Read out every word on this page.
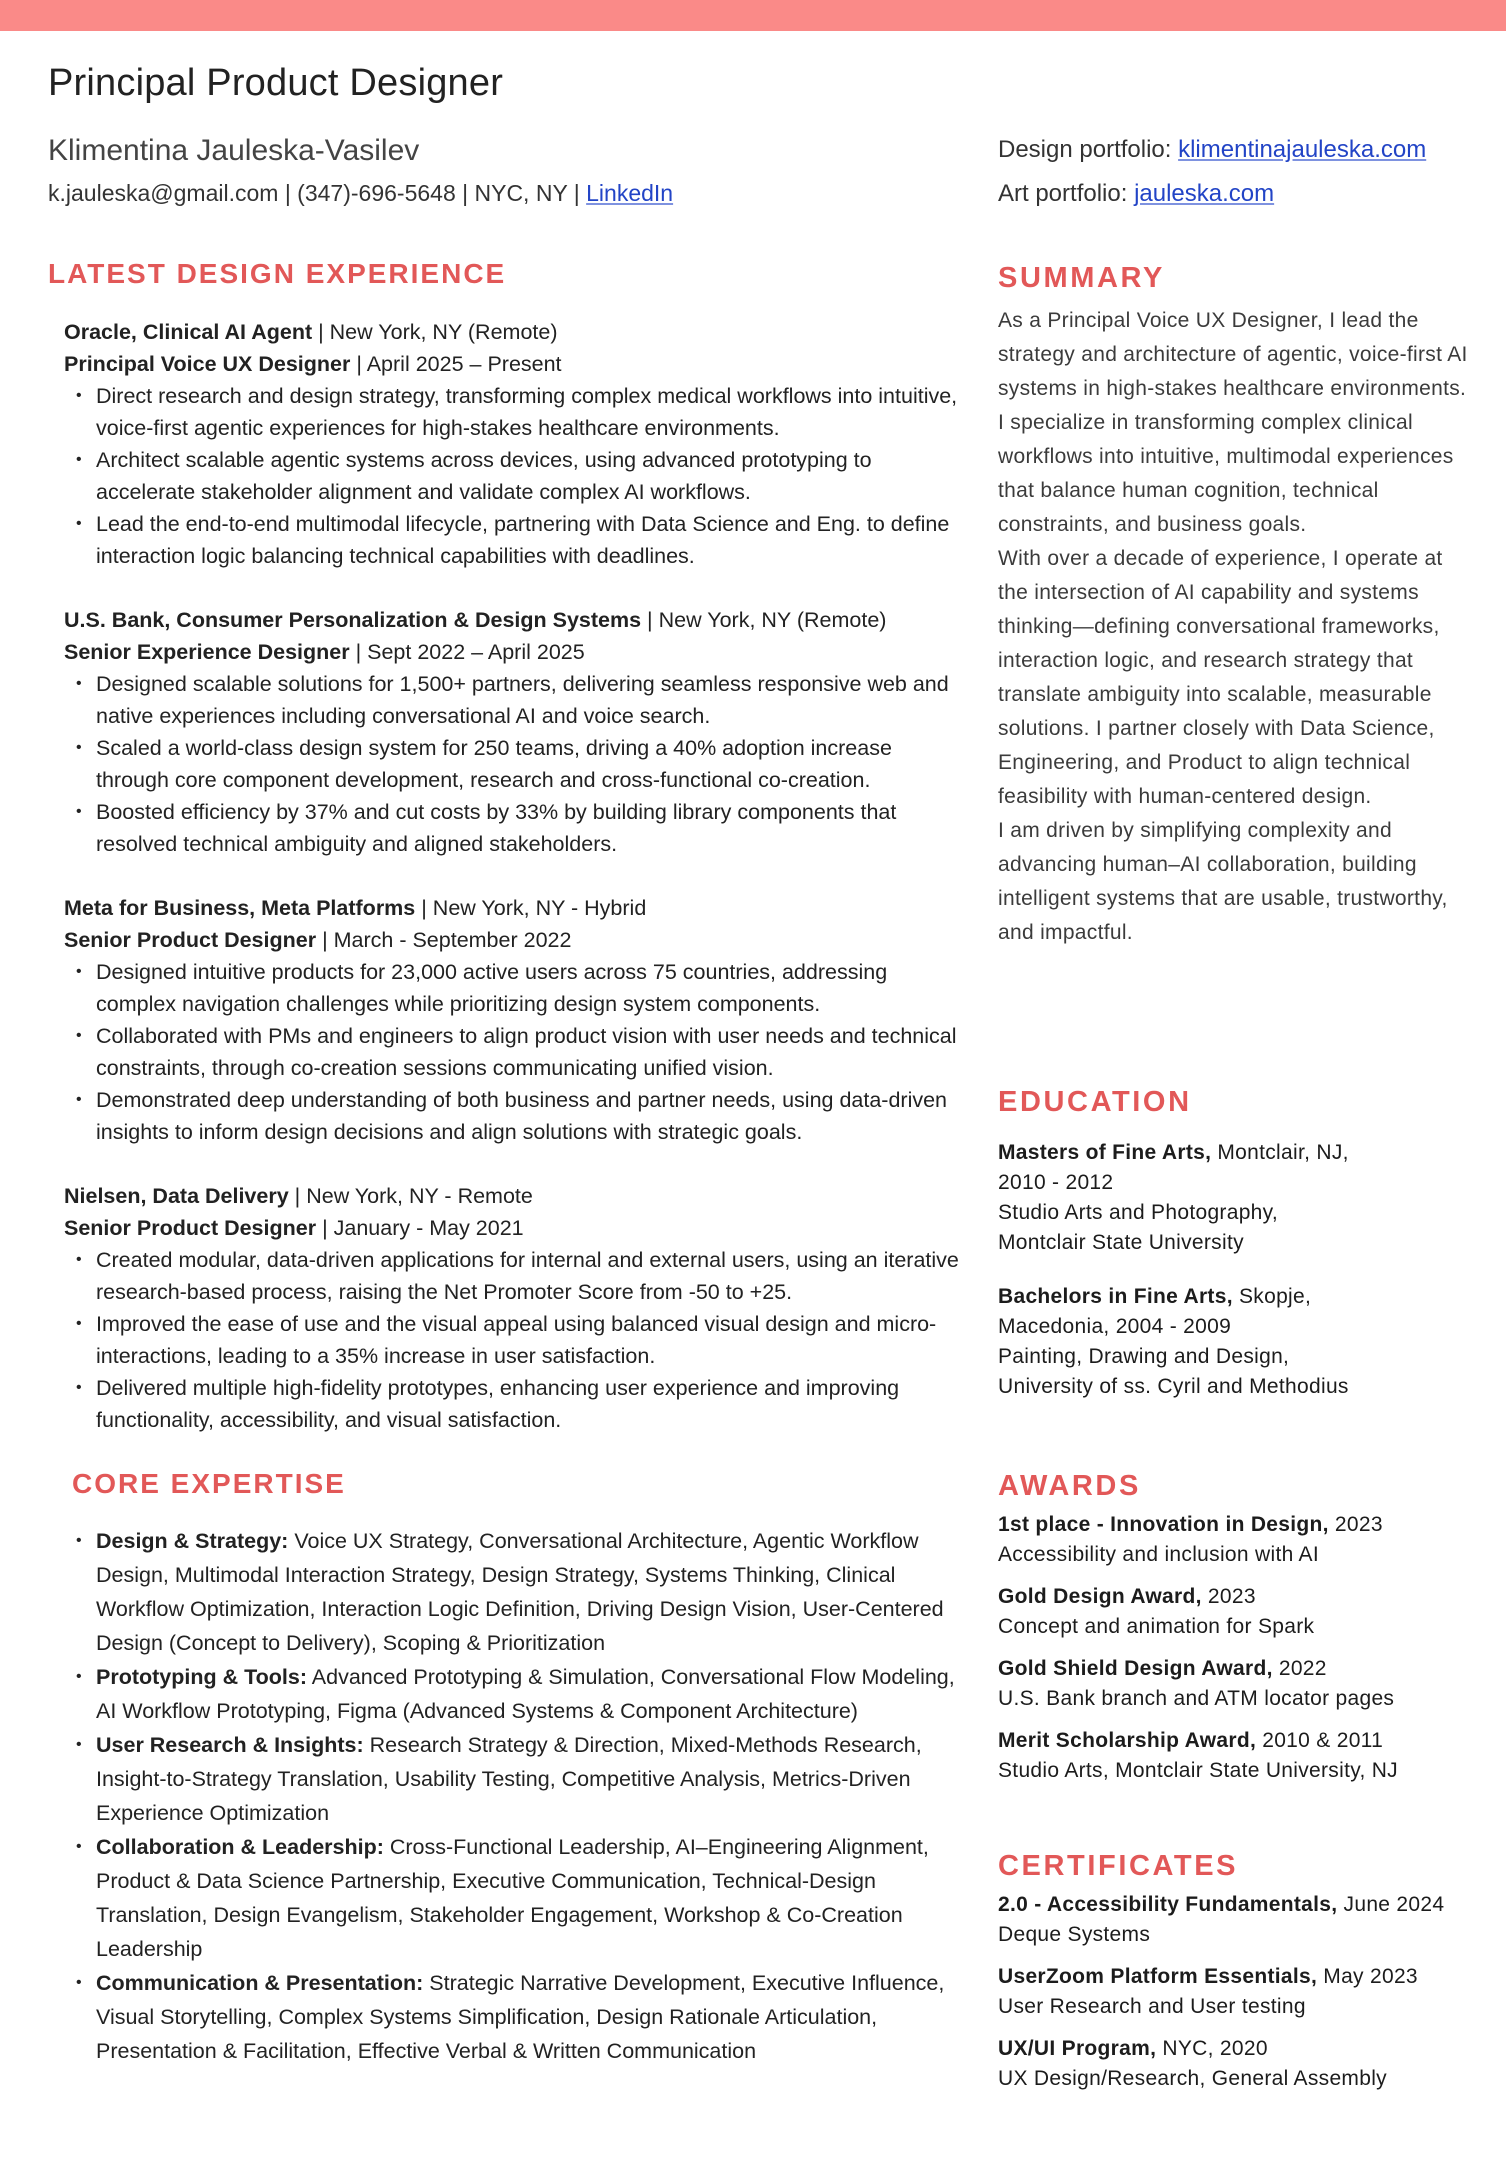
Principal Product Designer
Klimentina Jauleska-Vasilev
k.jauleska@gmail.com | (347)-696-5648 | NYC, NY | LinkedIn
Design portfolio: klimentinajauleska.com
Art portfolio: jauleska.com
LATEST DESIGN EXPERIENCE
Oracle, Clinical AI Agent | New York, NY (Remote)
Principal Voice UX Designer | April 2025 – Present
• Direct research and design strategy, transforming complex medical workflows into intuitive, voice-first agentic experiences for high-stakes healthcare environments.
• Architect scalable agentic systems across devices, using advanced prototyping to accelerate stakeholder alignment and validate complex AI workflows.
• Lead the end-to-end multimodal lifecycle, partnering with Data Science and Eng. to define interaction logic balancing technical capabilities with deadlines.
U.S. Bank, Consumer Personalization & Design Systems | New York, NY (Remote)
Senior Experience Designer | Sept 2022 – April 2025
• Designed scalable solutions for 1,500+ partners, delivering seamless responsive web and native experiences including conversational AI and voice search.
• Scaled a world-class design system for 250 teams, driving a 40% adoption increase through core component development, research and cross-functional co-creation.
• Boosted efficiency by 37% and cut costs by 33% by building library components that resolved technical ambiguity and aligned stakeholders.
Meta for Business, Meta Platforms | New York, NY - Hybrid
Senior Product Designer | March - September 2022
• Designed intuitive products for 23,000 active users across 75 countries, addressing complex navigation challenges while prioritizing design system components.
• Collaborated with PMs and engineers to align product vision with user needs and technical constraints, through co-creation sessions communicating unified vision.
• Demonstrated deep understanding of both business and partner needs, using data-driven insights to inform design decisions and align solutions with strategic goals.
Nielsen, Data Delivery | New York, NY - Remote
Senior Product Designer | January - May 2021
• Created modular, data-driven applications for internal and external users, using an iterative research-based process, raising the Net Promoter Score from -50 to +25.
• Improved the ease of use and the visual appeal using balanced visual design and micro-interactions, leading to a 35% increase in user satisfaction.
• Delivered multiple high-fidelity prototypes, enhancing user experience and improving functionality, accessibility, and visual satisfaction.
CORE EXPERTISE
• Design & Strategy: Voice UX Strategy, Conversational Architecture, Agentic Workflow Design, Multimodal Interaction Strategy, Design Strategy, Systems Thinking, Clinical Workflow Optimization, Interaction Logic Definition, Driving Design Vision, User-Centered Design (Concept to Delivery), Scoping & Prioritization
• Prototyping & Tools: Advanced Prototyping & Simulation, Conversational Flow Modeling, AI Workflow Prototyping, Figma (Advanced Systems & Component Architecture)
• User Research & Insights: Research Strategy & Direction, Mixed-Methods Research, Insight-to-Strategy Translation, Usability Testing, Competitive Analysis, Metrics-Driven Experience Optimization
• Collaboration & Leadership: Cross-Functional Leadership, AI–Engineering Alignment, Product & Data Science Partnership, Executive Communication, Technical-Design Translation, Design Evangelism, Stakeholder Engagement, Workshop & Co-Creation Leadership
• Communication & Presentation: Strategic Narrative Development, Executive Influence, Visual Storytelling, Complex Systems Simplification, Design Rationale Articulation, Presentation & Facilitation, Effective Verbal & Written Communication
SUMMARY

As a Principal Voice UX Designer, I lead the strategy and architecture of agentic, voice-first AI systems in high-stakes healthcare environments. I specialize in transforming complex clinical workflows into intuitive, multimodal experiences that balance human cognition, technical constraints, and business goals.

With over a decade of experience, I operate at the intersection of AI capability and systems thinking—defining conversational frameworks, interaction logic, and research strategy that translate ambiguity into scalable, measurable solutions. I partner closely with Data Science, Engineering, and Product to align technical feasibility with human-centered design.

I am driven by simplifying complexity and advancing human–AI collaboration, building intelligent systems that are usable, trustworthy, and impactful.

EDUCATION
Masters of Fine Arts, Montclair, NJ,
2010 - 2012
Studio Arts and Photography,
Montclair State University
Bachelors in Fine Arts, Skopje,
Macedonia, 2004 - 2009
Painting, Drawing and Design,
University of ss. Cyril and Methodius
AWARDS
1st place - Innovation in Design, 2023
Accessibility and inclusion with AI
Gold Design Award, 2023
Concept and animation for Spark
Gold Shield Design Award, 2022
U.S. Bank branch and ATM locator pages
Merit Scholarship Award, 2010 & 2011
Studio Arts, Montclair State University, NJ
CERTIFICATES
2.0 - Accessibility Fundamentals, June 2024
Deque Systems
UserZoom Platform Essentials, May 2023
User Research and User testing
UX/UI Program, NYC, 2020
UX Design/Research, General Assembly
